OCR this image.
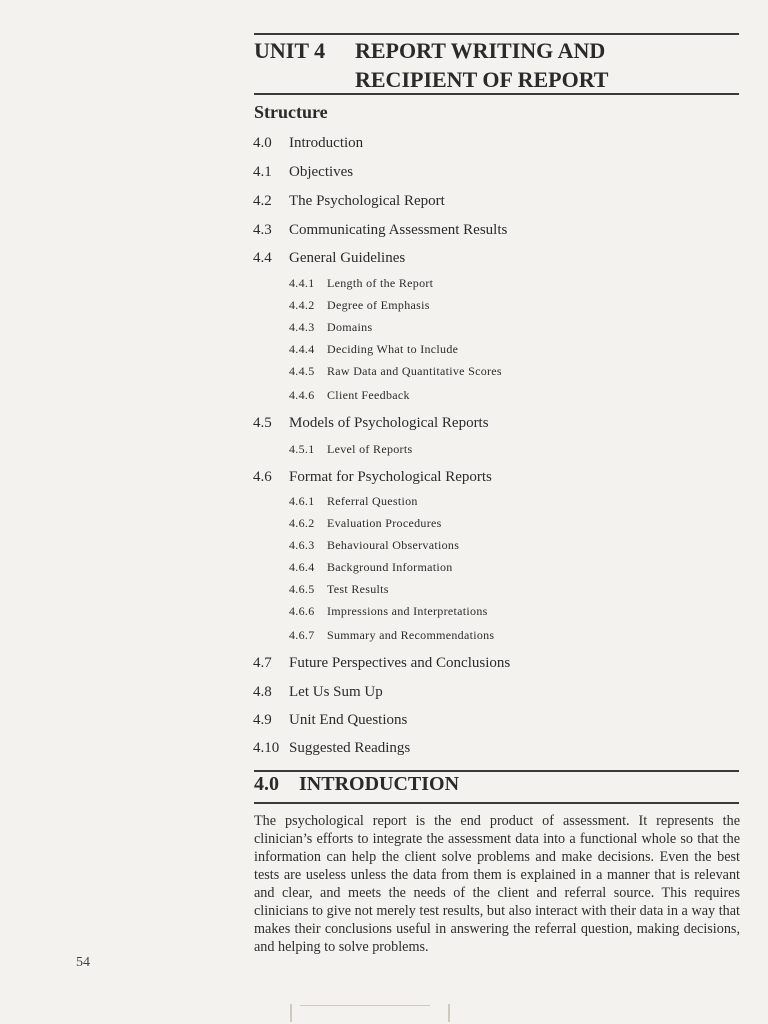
UNIT 4 REPORT WRITING AND
RECIPIENT OF REPORT
Structure
4.0 Introduction
4.1 Objectives
4.2 The Psychological Report
4.3 Communicating Assessment Results
4.4 General Guidelines
4.4.1 Length of the Report
4.4.2 Degree of Emphasis
4.4.3 Domains
4.4.4 Deciding What to Include
4.4.5 Raw Data and Quantitative Scores
4.4.6 Client Feedback
4.5 Models of Psychological Reports
4.5.1 Level of Reports
4.6 Format for Psychological Reports
4.6.1 Referral Question
4.6.2 Evaluation Procedures
4.6.3 Behavioural Observations
4.6.4 Background Information
4.6.5 Test Results
4.6.6 Impressions and Interpretations
4.6.7 Summary and Recommendations
4.7 Future Perspectives and Conclusions
4.8 Let Us Sum Up
4.9 Unit End Questions
4.10 Suggested Readings
4.0 INTRODUCTION
The psychological report is the end product of assessment. It represents the clinician’s efforts to integrate the assessment data into a functional whole so that the information can help the client solve problems and make decisions. Even the best tests are useless unless the data from them is explained in a manner that is relevant and clear, and meets the needs of the client and referral source. This requires clinicians to give not merely test results, but also interact with their data in a way that makes their conclusions useful in answering the referral question, making decisions, and helping to solve problems.
54
